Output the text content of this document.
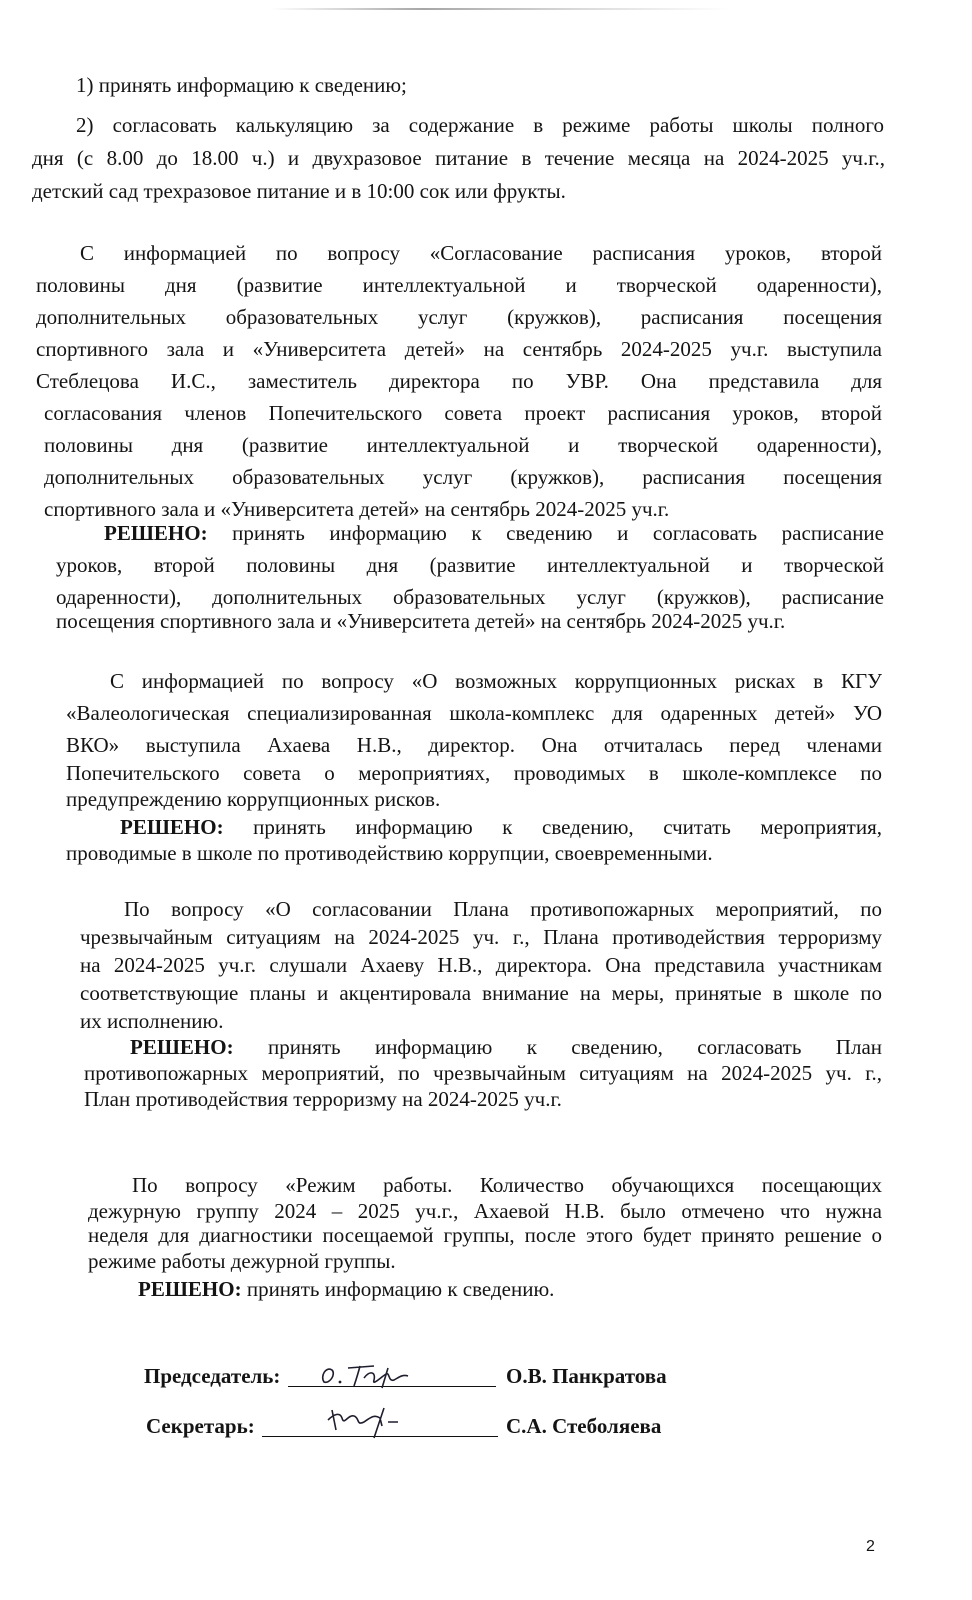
1) принять информацию к сведению;
2) согласовать калькуляцию за содержание в режиме работы школы полного
дня (с 8.00 до 18.00 ч.) и двухразовое питание в течение месяца на 2024-2025 уч.г.,
детский сад трехразовое питание и в 10:00 сок или фрукты.
С информацией по вопросу «Согласование расписания уроков, второй
половины дня (развитие интеллектуальной и творческой одаренности),
дополнительных образовательных услуг (кружков), расписания посещения
спортивного зала и «Университета детей» на сентябрь 2024-2025 уч.г. выступила
Стеблецова И.С., заместитель директора по УВР. Она представила для
согласования членов Попечительского совета проект расписания уроков, второй
половины дня (развитие интеллектуальной и творческой одаренности),
дополнительных образовательных услуг (кружков), расписания посещения
спортивного зала и «Университета детей» на сентябрь 2024-2025 уч.г.
РЕШЕНО: принять информацию к сведению и согласовать расписание
уроков, второй половины дня (развитие интеллектуальной и творческой
одаренности), дополнительных образовательных услуг (кружков), расписание
посещения спортивного зала и «Университета детей» на сентябрь 2024-2025 уч.г.
С информацией по вопросу «О возможных коррупционных рисках в КГУ
«Валеологическая специализированная школа-комплекс для одаренных детей» УО
ВКО» выступила Ахаева Н.В., директор. Она отчиталась перед членами
Попечительского совета о мероприятиях, проводимых в школе-комплексе по
предупреждению коррупционных рисков.
РЕШЕНО: принять информацию к сведению, считать мероприятия,
проводимые в школе по противодействию коррупции, своевременными.
По вопросу «О согласовании Плана противопожарных мероприятий, по
чрезвычайным ситуациям на 2024-2025 уч. г., Плана противодействия терроризму
на 2024-2025 уч.г. слушали Ахаеву Н.В., директора. Она представила участникам
соответствующие планы и акцентировала внимание на меры, принятые в школе по
их исполнению.
РЕШЕНО: принять информацию к сведению, согласовать План
противопожарных мероприятий, по чрезвычайным ситуациям на 2024-2025 уч. г.,
План противодействия терроризму на 2024-2025 уч.г.
По вопросу «Режим работы. Количество обучающихся посещающих
дежурную группу 2024 – 2025 уч.г., Ахаевой Н.В. было отмечено что нужна
неделя для диагностики посещаемой группы, после этого будет принято решение о
режиме работы дежурной группы.
РЕШЕНО: принять информацию к сведению.
Председатель:	О.В. Панкратова
Секретарь:	С.А. Стеболяева
2
